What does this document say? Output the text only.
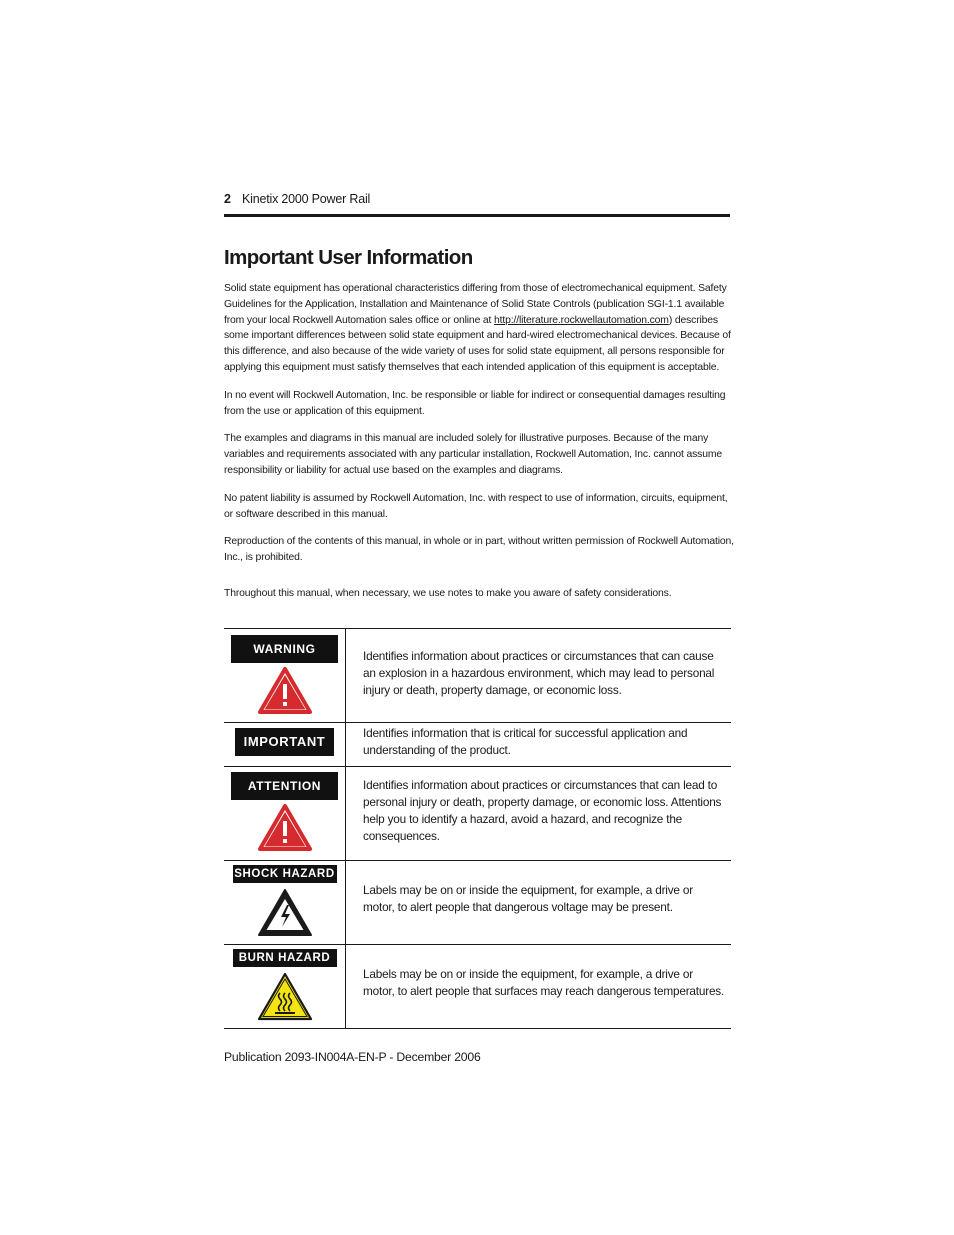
2 Kinetix 2000 Power Rail
Important User Information

Solid state equipment has operational characteristics differing from those of electromechanical equipment. Safety Guidelines for the Application, Installation and Maintenance of Solid State Controls (publication SGI-1.1 available from your local Rockwell Automation sales office or online at http://literature.rockwellautomation.com) describes some important differences between solid state equipment and hard-wired electromechanical devices. Because of this difference, and also because of the wide variety of uses for solid state equipment, all persons responsible for applying this equipment must satisfy themselves that each intended application of this equipment is acceptable.

In no event will Rockwell Automation, Inc. be responsible or liable for indirect or consequential damages resulting from the use or application of this equipment.

The examples and diagrams in this manual are included solely for illustrative purposes. Because of the many variables and requirements associated with any particular installation, Rockwell Automation, Inc. cannot assume responsibility or liability for actual use based on the examples and diagrams.

No patent liability is assumed by Rockwell Automation, Inc. with respect to use of information, circuits, equipment, or software described in this manual.

Reproduction of the contents of this manual, in whole or in part, without written permission of Rockwell Automation, Inc., is prohibited.

Throughout this manual, when necessary, we use notes to make you aware of safety considerations.

WARNING	Identifies information about practices or circumstances that can cause an explosion in a hazardous environment, which may lead to personal injury or death, property damage, or economic loss.
IMPORTANT	Identifies information that is critical for successful application and understanding of the product.
ATTENTION	Identifies information about practices or circumstances that can lead to personal injury or death, property damage, or economic loss. Attentions help you to identify a hazard, avoid a hazard, and recognize the consequences.
SHOCK HAZARD	Labels may be on or inside the equipment, for example, a drive or motor, to alert people that dangerous voltage may be present.
BURN HAZARD	Labels may be on or inside the equipment, for example, a drive or motor, to alert people that surfaces may reach dangerous temperatures.
Publication 2093-IN004A-EN-P - December 2006
